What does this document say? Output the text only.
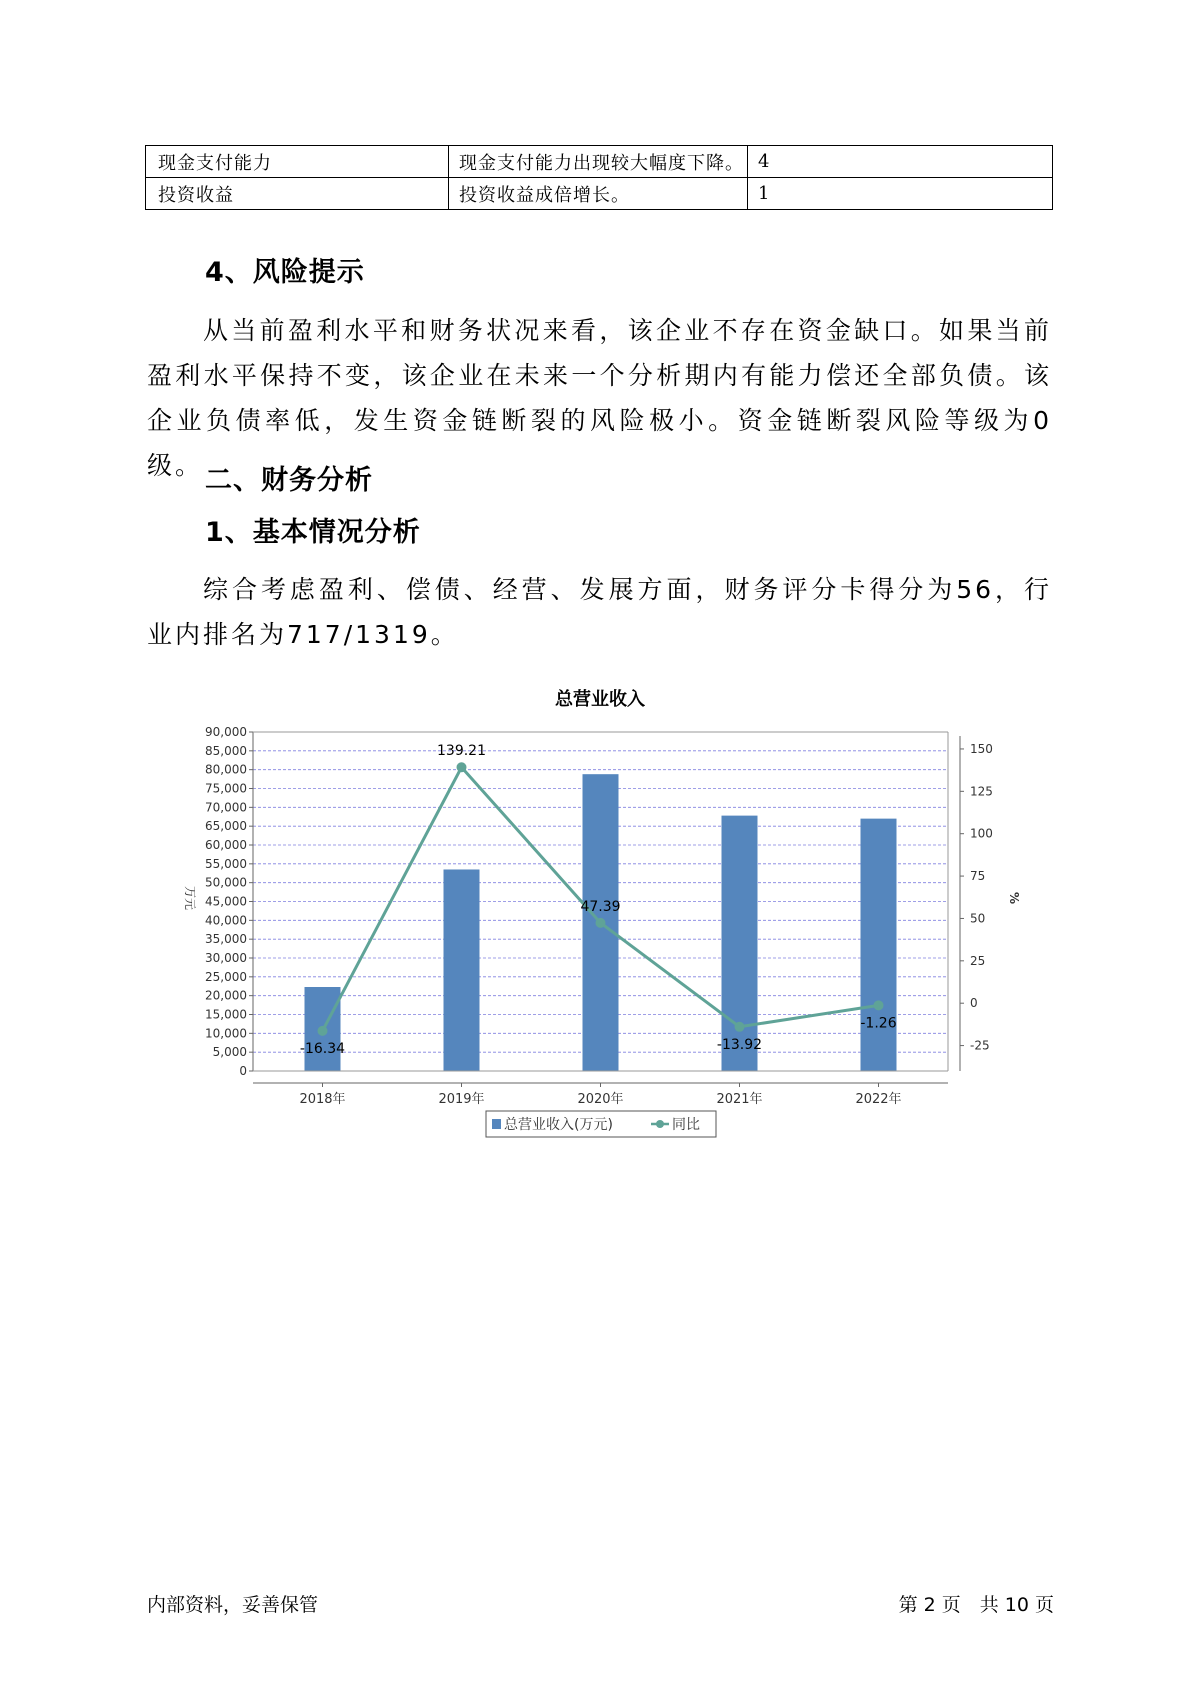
现金支付能力	现金支付能力出现较大幅度下降。	4
投资收益	投资收益成倍增长。	1
4、风险提示

从当前盈利水平和财务状况来看，该企业不存在资金缺口。如果当前盈利水平保持不变，该企业在未来一个分析期内有能力偿还全部负债。该企业负债率低，发生资金链断裂的风险极小。资金链断裂风险等级为0级。 二、财务分析
1、基本情况分析

综合考虑盈利、偿债、经营、发展方面，财务评分卡得分为56，行业内排名为717/1319。

总营业收入
-16.34
139.21
47.39
-13.92
-1.26
0
5,000
10,000
15,000
20,000
25,000
30,000
35,000
40,000
45,000
50,000
55,000
60,000
65,000
70,000
75,000
80,000
85,000
90,000
-25
0
25
50
75
100
125
150
2018年	2019年	2020年	2021年	2022年
万元	%
总营业收入(万元)	同比
内部资料，妥善保管	第 2 页　共 10 页
